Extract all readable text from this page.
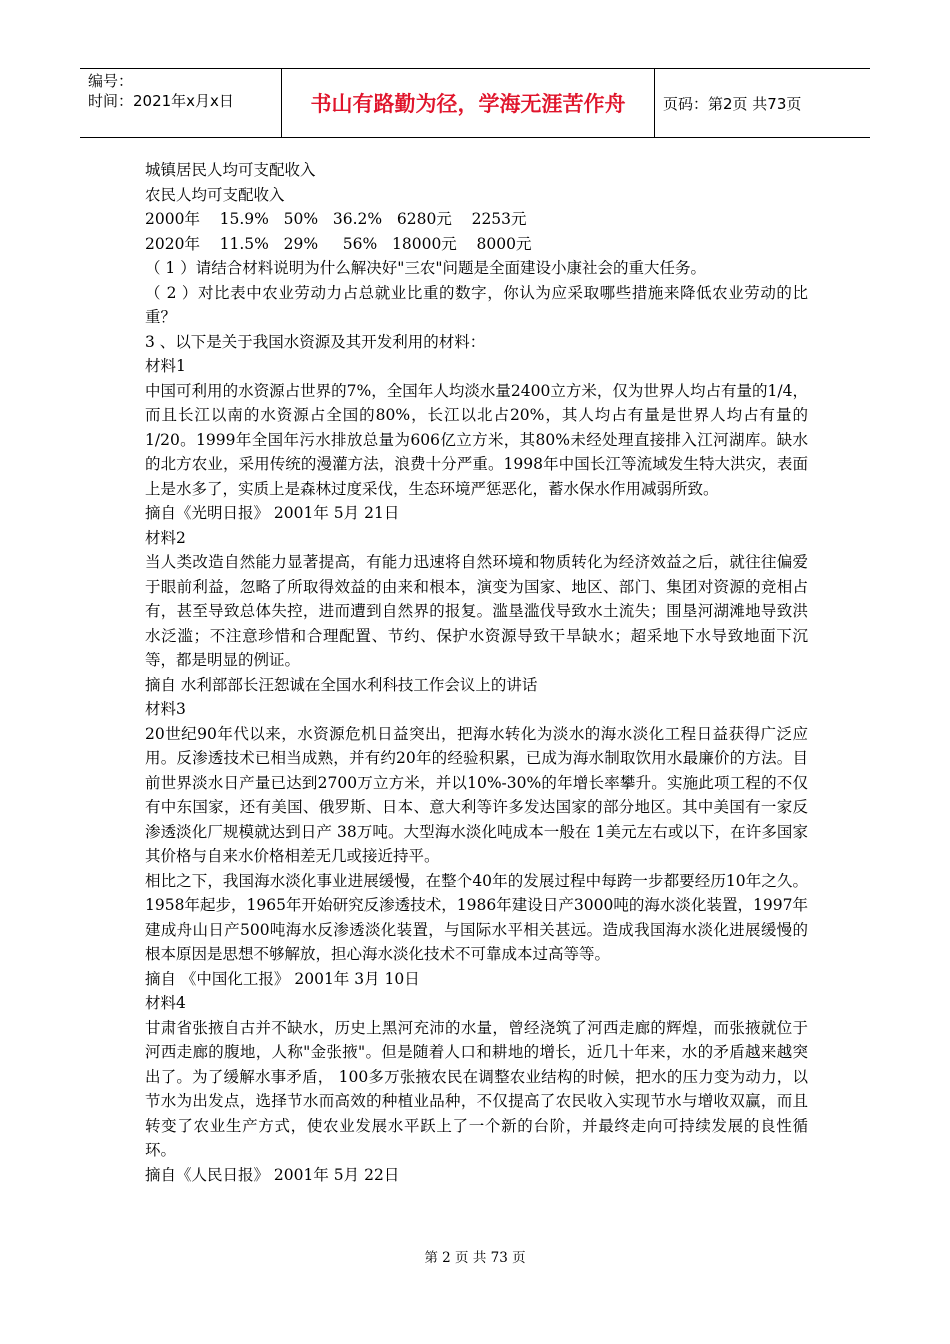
编号：
时间：2021年x月x日	书山有路勤为径，学海无涯苦作舟	页码：第2页 共73页

城镇居民人均可支配收入

农民人均可支配收入

2000年    15.9%   50%   36.2%   6280元    2253元

2020年    11.5%   29%     56%   18000元    8000元

（ 1 ）请结合材料说明为什么解决好"三农"问题是全面建设小康社会的重大任务。

（ 2 ）对比表中农业劳动力占总就业比重的数字，你认为应采取哪些措施来降低农业劳动的比重？

3 、以下是关于我国水资源及其开发利用的材料：

材料1

中国可利用的水资源占世界的7%，全国年人均淡水量2400立方米，仅为世界人均占有量的1/4，而且长江以南的水资源占全国的80%，长江以北占20%，其人均占有量是世界人均占有量的1/20。1999年全国年污水排放总量为606亿立方米，其80%未经处理直接排入江河湖库。缺水的北方农业，采用传统的漫灌方法，浪费十分严重。1998年中国长江等流域发生特大洪灾，表面上是水多了，实质上是森林过度采伐，生态环境严惩恶化，蓄水保水作用减弱所致。

摘自《光明日报》 2001年 5月 21日

材料2

当人类改造自然能力显著提高，有能力迅速将自然环境和物质转化为经济效益之后，就往往偏爱于眼前利益，忽略了所取得效益的由来和根本，演变为国家、地区、部门、集团对资源的竞相占有，甚至导致总体失控，进而遭到自然界的报复。滥垦滥伐导致水土流失；围垦河湖滩地导致洪水泛滥；不注意珍惜和合理配置、节约、保护水资源导致干旱缺水；超采地下水导致地面下沉等，都是明显的例证。

摘自 水利部部长汪恕诚在全国水利科技工作会议上的讲话

材料3

20世纪90年代以来，水资源危机日益突出，把海水转化为淡水的海水淡化工程日益获得广泛应用。反渗透技术已相当成熟，并有约20年的经验积累，已成为海水制取饮用水最廉价的方法。目前世界淡水日产量已达到2700万立方米，并以10%-30%的年增长率攀升。实施此项工程的不仅有中东国家，还有美国、俄罗斯、日本、意大利等许多发达国家的部分地区。其中美国有一家反渗透淡化厂规模就达到日产 38万吨。大型海水淡化吨成本一般在 1美元左右或以下，在许多国家其价格与自来水价格相差无几或接近持平。

相比之下，我国海水淡化事业进展缓慢，在整个40年的发展过程中每跨一步都要经历10年之久。1958年起步，1965年开始研究反渗透技术，1986年建设日产3000吨的海水淡化装置，1997年建成舟山日产500吨海水反渗透淡化装置，与国际水平相关甚远。造成我国海水淡化进展缓慢的根本原因是思想不够解放，担心海水淡化技术不可靠成本过高等等。

摘自 《中国化工报》 2001年 3月 10日

材料4

甘肃省张掖自古并不缺水，历史上黑河充沛的水量，曾经浇筑了河西走廊的辉煌，而张掖就位于河西走廊的腹地，人称"金张掖"。但是随着人口和耕地的增长，近几十年来，水的矛盾越来越突出了。为了缓解水事矛盾， 100多万张掖农民在调整农业结构的时候，把水的压力变为动力，以节水为出发点，选择节水而高效的种植业品种，不仅提高了农民收入实现节水与增收双赢，而且转变了农业生产方式，使农业发展水平跃上了一个新的台阶，并最终走向可持续发展的良性循环。

摘自《人民日报》 2001年 5月 22日

第 2 页 共 73 页
